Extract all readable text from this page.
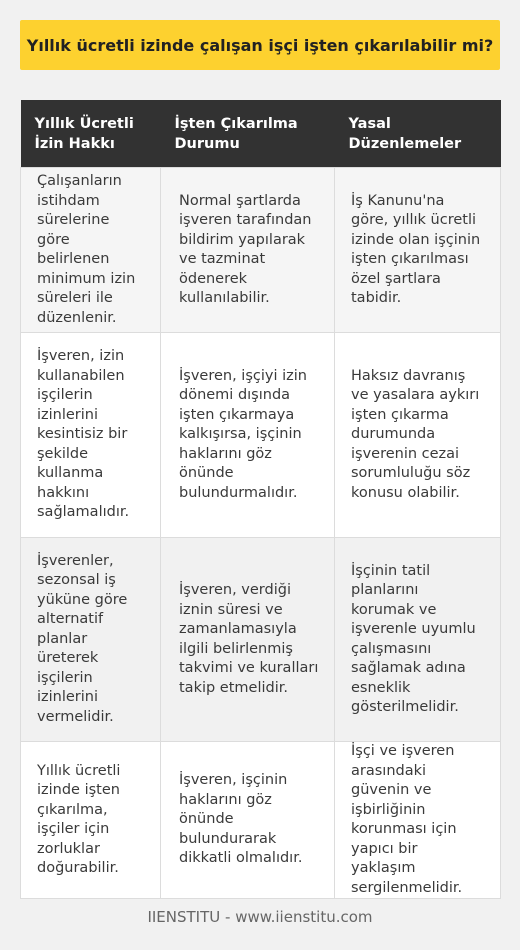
Yıllık ücretli izinde çalışan işçi işten çıkarılabilir mi?
Yıllık Ücretli İzin Hakkı	İşten Çıkarılma Durumu	Yasal Düzenlemeler
Çalışanların istihdam sürelerine göre belirlenen minimum izin süreleri ile düzenlenir.	Normal şartlarda işveren tarafından bildirim yapılarak ve tazminat ödenerek kullanılabilir.	İş Kanunu'na göre, yıllık ücretli izinde olan işçinin işten çıkarılması özel şartlara tabidir.
İşveren, izin kullanabilen işçilerin izinlerini kesintisiz bir şekilde kullanma hakkını sağlamalıdır.	İşveren, işçiyi izin dönemi dışında işten çıkarmaya kalkışırsa, işçinin haklarını göz önünde bulundurmalıdır.	Haksız davranış ve yasalara aykırı işten çıkarma durumunda işverenin cezai sorumluluğu söz konusu olabilir.
İşverenler, sezonsal iş yüküne göre alternatif planlar üreterek işçilerin izinlerini vermelidir.	İşveren, verdiği iznin süresi ve zamanlamasıyla ilgili belirlenmiş takvimi ve kuralları takip etmelidir.	İşçinin tatil planlarını korumak ve işverenle uyumlu çalışmasını sağlamak adına esneklik gösterilmelidir.
Yıllık ücretli izinde işten çıkarılma, işçiler için zorluklar doğurabilir.	İşveren, işçinin haklarını göz önünde bulundurarak dikkatli olmalıdır.	İşçi ve işveren arasındaki güvenin ve işbirliğinin korunması için yapıcı bir yaklaşım sergilenmelidir.
IIENSTITU - www.iienstitu.com
